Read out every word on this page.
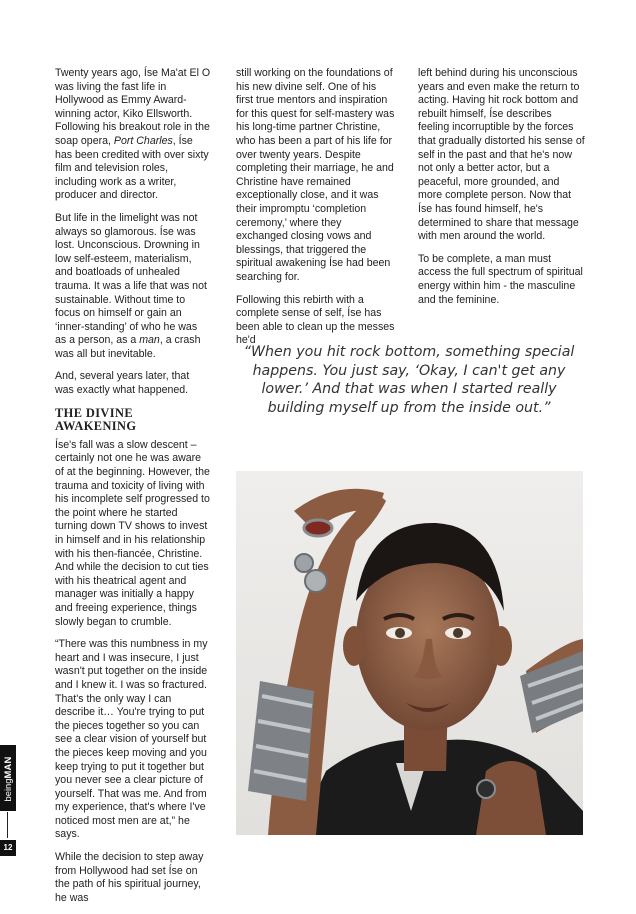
Twenty years ago, Íse Ma'at El O was living the fast life in Hollywood as Emmy Award-winning actor, Kiko Ellsworth. Following his breakout role in the soap opera, Port Charles, Íse has been credited with over sixty film and television roles, including work as a writer, producer and director.

But life in the limelight was not always so glamorous. Íse was lost. Unconscious. Drowning in low self-esteem, materialism, and boatloads of unhealed trauma. It was a life that was not sustainable. Without time to focus on himself or gain an ‘inner-standing’ of who he was as a person, as a man, a crash was all but inevitable.

And, several years later, that was exactly what happened.

THE DIVINE AWAKENING

Íse's fall was a slow descent – certainly not one he was aware of at the beginning. However, the trauma and toxicity of living with his incomplete self progressed to the point where he started turning down TV shows to invest in himself and in his relationship with his then-fiancée, Christine. And while the decision to cut ties with his theatrical agent and manager was initially a happy and freeing experience, things slowly began to crumble.

“There was this numbness in my heart and I was insecure, I just wasn't put together on the inside and I knew it. I was so fractured. That's the only way I can describe it… You're trying to put the pieces together so you can see a clear vision of yourself but the pieces keep moving and you keep trying to put it together but you never see a clear picture of yourself. That was me. And from my experience, that's where I've noticed most men are at,” he says.

While the decision to step away from Hollywood had set Íse on the path of his spiritual journey, he was

still working on the foundations of his new divine self. One of his first true mentors and inspiration for this quest for self-mastery was his long-time partner Christine, who has been a part of his life for over twenty years. Despite completing their marriage, he and Christine have remained exceptionally close, and it was their impromptu ‘completion ceremony,’ where they exchanged closing vows and blessings, that triggered the spiritual awakening Íse had been searching for.

Following this rebirth with a complete sense of self, Íse has been able to clean up the messes he'd

left behind during his unconscious years and even make the return to acting. Having hit rock bottom and rebuilt himself, Íse describes feeling incorruptible by the forces that gradually distorted his sense of self in the past and that he's now not only a better actor, but a peaceful, more grounded, and more complete person. Now that Íse has found himself, he's determined to share that message with men around the world.

To be complete, a man must access the full spectrum of spiritual energy within him - the masculine and the feminine.

“When you hit rock bottom, something special happens. You just say, ‘Okay, I can't get any lower.’ And that was when I started really building myself up from the inside out.”
beingMAN
12
